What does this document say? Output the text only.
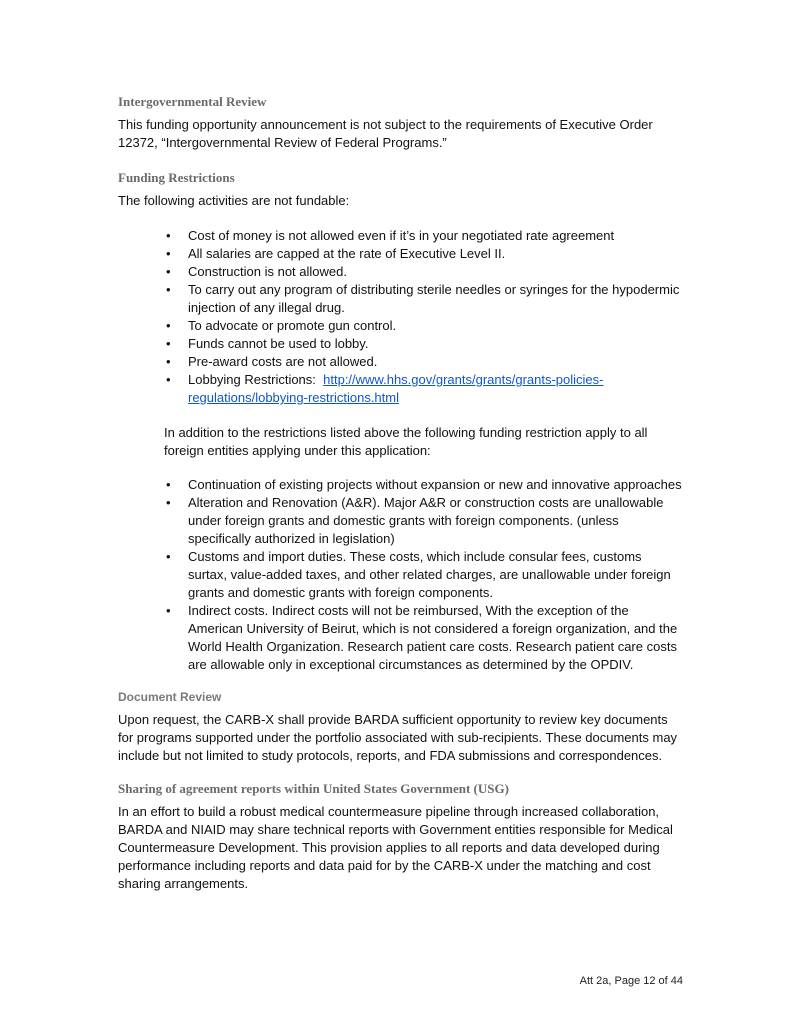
Intergovernmental Review

This funding opportunity announcement is not subject to the requirements of Executive Order 12372, “Intergovernmental Review of Federal Programs.”

Funding Restrictions

The following activities are not fundable:

• Cost of money is not allowed even if it’s in your negotiated rate agreement
• All salaries are capped at the rate of Executive Level II.
• Construction is not allowed.
• To carry out any program of distributing sterile needles or syringes for the hypodermic injection of any illegal drug.
• To advocate or promote gun control.
• Funds cannot be used to lobby.
• Pre-award costs are not allowed.
• Lobbying Restrictions: http://www.hhs.gov/grants/grants/grants-policies-regulations/lobbying-restrictions.html

In addition to the restrictions listed above the following funding restriction apply to all foreign entities applying under this application:

• Continuation of existing projects without expansion or new and innovative approaches
• Alteration and Renovation (A&R). Major A&R or construction costs are unallowable under foreign grants and domestic grants with foreign components. (unless specifically authorized in legislation)
• Customs and import duties. These costs, which include consular fees, customs surtax, value-added taxes, and other related charges, are unallowable under foreign grants and domestic grants with foreign components.
• Indirect costs. Indirect costs will not be reimbursed, With the exception of the American University of Beirut, which is not considered a foreign organization, and the World Health Organization. Research patient care costs. Research patient care costs are allowable only in exceptional circumstances as determined by the OPDIV.
Document Review

Upon request, the CARB-X shall provide BARDA sufficient opportunity to review key documents for programs supported under the portfolio associated with sub-recipients. These documents may include but not limited to study protocols, reports, and FDA submissions and correspondences.

Sharing of agreement reports within United States Government (USG)

In an effort to build a robust medical countermeasure pipeline through increased collaboration, BARDA and NIAID may share technical reports with Government entities responsible for Medical Countermeasure Development. This provision applies to all reports and data developed during performance including reports and data paid for by the CARB-X under the matching and cost sharing arrangements.

Att 2a, Page 12 of 44
